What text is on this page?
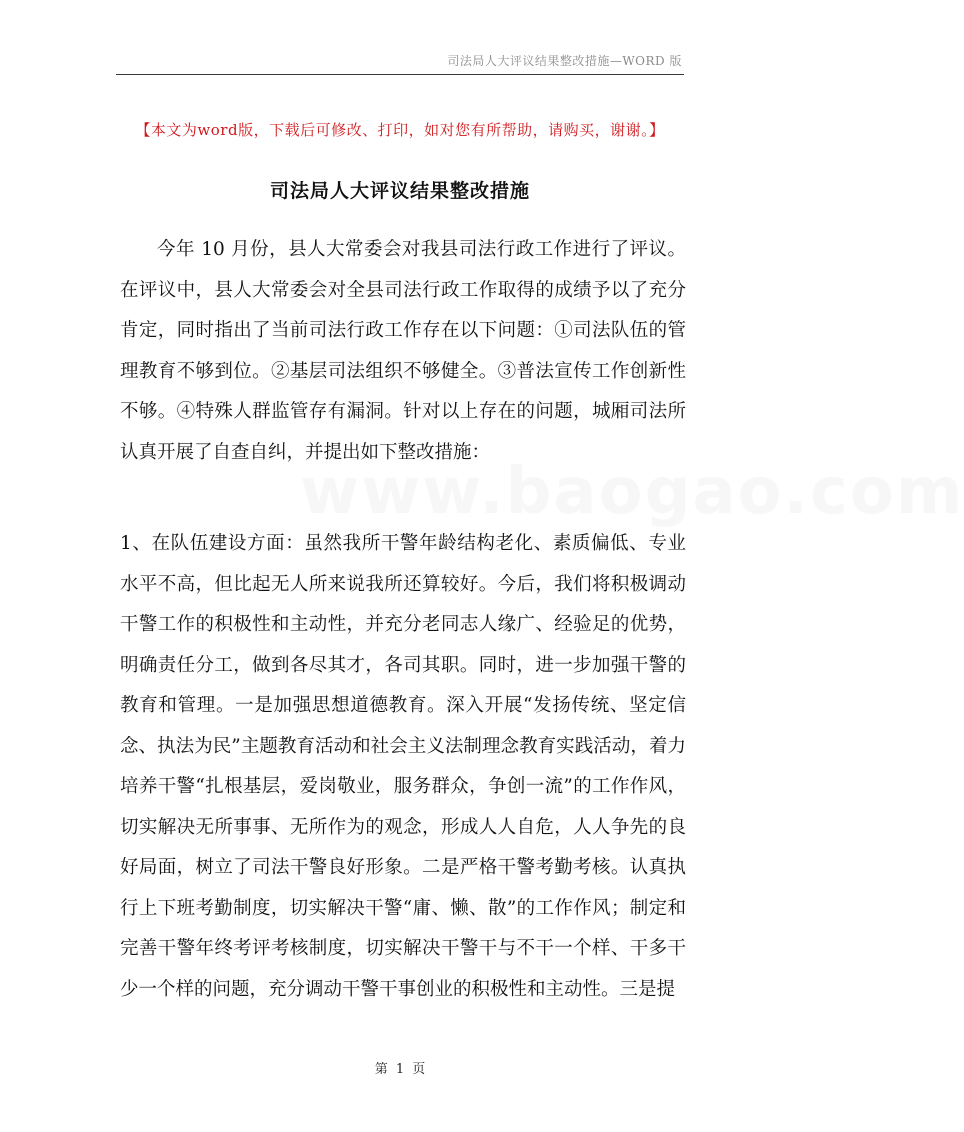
司法局人大评议结果整改措施—WORD 版
【本文为word版，下载后可修改、打印，如对您有所帮助，请购买，谢谢。】
司法局人大评议结果整改措施
www.baogao.com
今年 10 月份，县人大常委会对我县司法行政工作进行了评议。在评议中，县人大常委会对全县司法行政工作取得的成绩予以了充分肯定，同时指出了当前司法行政工作存在以下问题：①司法队伍的管理教育不够到位。②基层司法组织不够健全。③普法宣传工作创新性不够。④特殊人群监管存有漏洞。针对以上存在的问题，城厢司法所认真开展了自查自纠，并提出如下整改措施：
1、在队伍建设方面：虽然我所干警年龄结构老化、素质偏低、专业水平不高，但比起无人所来说我所还算较好。今后，我们将积极调动干警工作的积极性和主动性，并充分老同志人缘广、经验足的优势，明确责任分工，做到各尽其才，各司其职。同时，进一步加强干警的教育和管理。一是加强思想道德教育。深入开展“发扬传统、坚定信念、执法为民”主题教育活动和社会主义法制理念教育实践活动，着力培养干警“扎根基层，爱岗敬业，服务群众，争创一流”的工作作风，切实解决无所事事、无所作为的观念，形成人人自危，人人争先的良好局面，树立了司法干警良好形象。二是严格干警考勤考核。认真执行上下班考勤制度，切实解决干警“庸、懒、散”的工作作风；制定和完善干警年终考评考核制度，切实解决干警干与不干一个样、干多干少一个样的问题，充分调动干警干事创业的积极性和主动性。三是提
第 1 页
